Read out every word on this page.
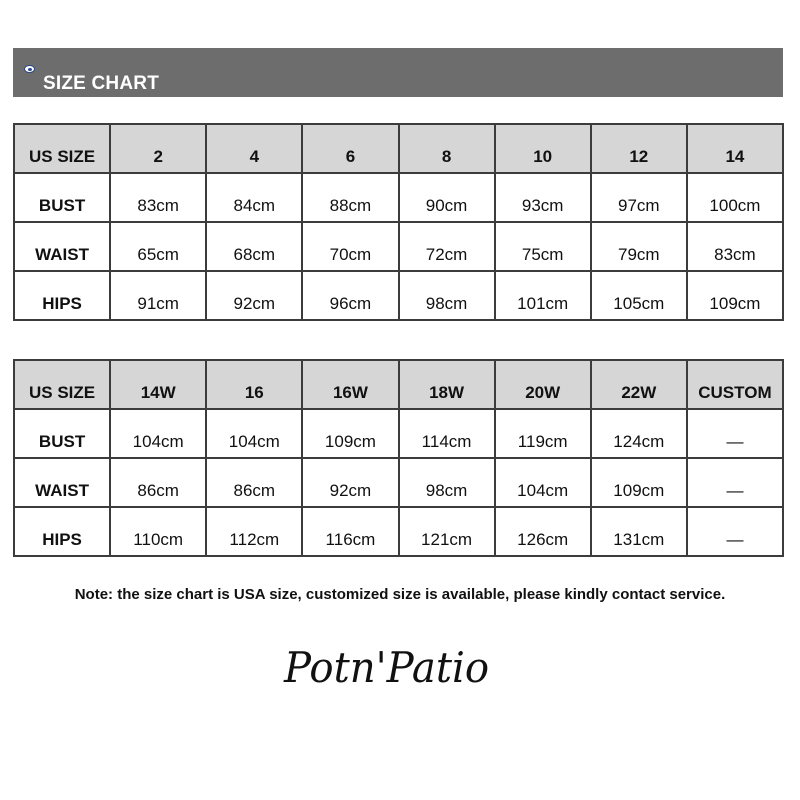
SIZE CHART
US SIZE	2	4	6	8	10	12	14
BUST	83cm	84cm	88cm	90cm	93cm	97cm	100cm
WAIST	65cm	68cm	70cm	72cm	75cm	79cm	83cm
HIPS	91cm	92cm	96cm	98cm	101cm	105cm	109cm
US SIZE	14W	16	16W	18W	20W	22W	CUSTOM
BUST	104cm	104cm	109cm	114cm	119cm	124cm	—
WAIST	86cm	86cm	92cm	98cm	104cm	109cm	—
HIPS	110cm	112cm	116cm	121cm	126cm	131cm	—
Note: the size chart is USA size, customized size is available, please kindly contact service.
Potn'Patio
